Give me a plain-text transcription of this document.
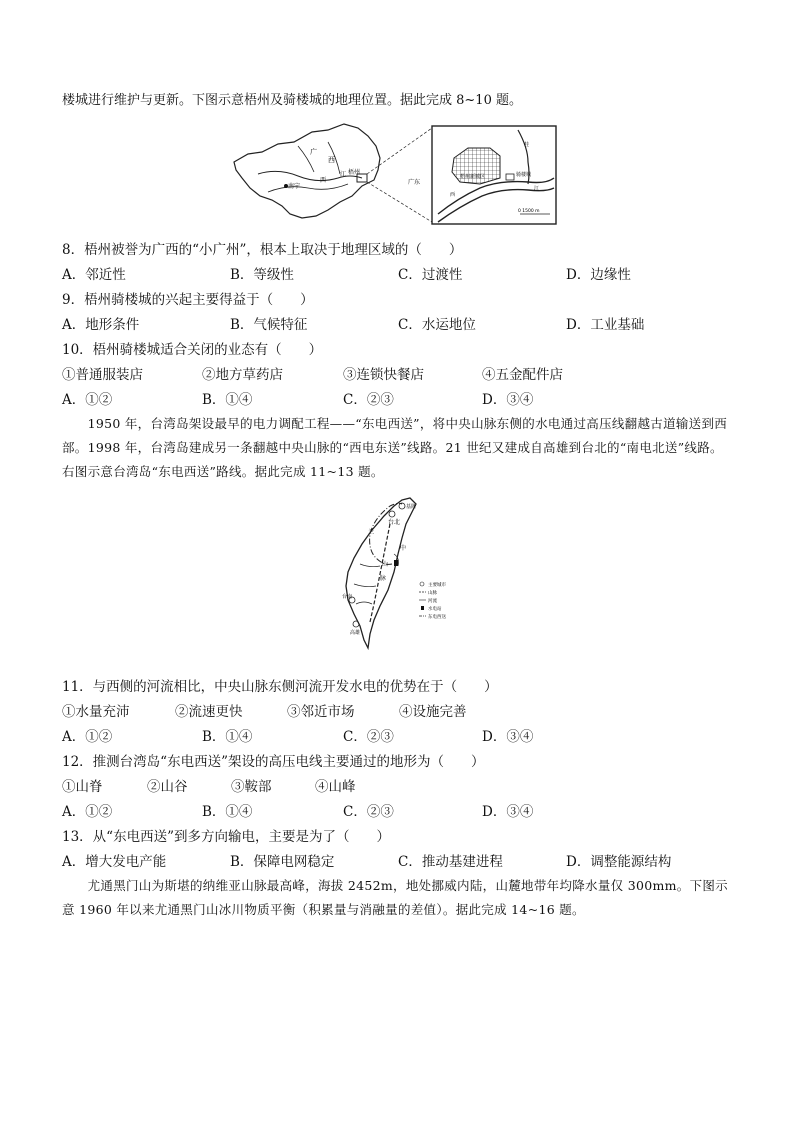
楼城进行维护与更新。下图示意梧州及骑楼城的地理位置。据此完成 8~10 题。
广
西
南宁
梧州
江
西	广东
桂
梧州新城区	骑楼城
西
江
0 1500 m
8．梧州被誉为广西的“小广州”，根本上取决于地理区域的（　　）
A．邻近性	B．等级性	C．过渡性	D．边缘性
9．梧州骑楼城的兴起主要得益于（　　）
A．地形条件	B．气候特征	C．水运地位	D．工业基础
10．梧州骑楼城适合关闭的业态有（　　）
①普通服装店	②地方草药店	③连锁快餐店	④五金配件店
A．①②	B．①④	C．②③	D．③④
　　1950 年，台湾岛架设最早的电力调配工程——“东电西送”，将中央山脉东侧的水电通过高压线翻越古道输送到西部。1998 年，台湾岛建成另一条翻越中央山脉的“西电东送”线路。21 世纪又建成自高雄到台北的“南电北送”线路。右图示意台湾岛“东电西送”路线。据此完成 11~13 题。
基隆
台北
台南
高雄
兰
中
山
脉
主要城市
山脉
河流
水电站
东电西送
11．与西侧的河流相比，中央山脉东侧河流开发水电的优势在于（　　）
①水量充沛	②流速更快	③邻近市场	④设施完善
A．①②	B．①④	C．②③	D．③④
12．推测台湾岛“东电西送”架设的高压电线主要通过的地形为（　　）
①山脊	②山谷	③鞍部	④山峰
A．①②	B．①④	C．②③	D．③④
13．从“东电西送”到多方向输电，主要是为了（　　）
A．增大发电产能	B．保障电网稳定	C．推动基建进程	D．调整能源结构
　　尤通黑门山为斯堪的纳维亚山脉最高峰，海拔 2452m，地处挪威内陆，山麓地带年均降水量仅 300mm。下图示意 1960 年以来尤通黑门山冰川物质平衡（积累量与消融量的差值）。据此完成 14~16 题。
